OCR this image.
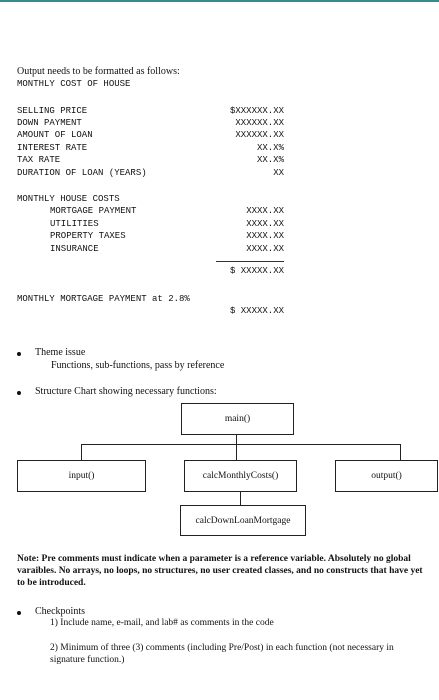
Output needs to be formatted as follows:
MONTHLY COST OF HOUSE
SELLING PRICE	$XXXXXX.XX
DOWN PAYMENT	XXXXXX.XX
AMOUNT OF LOAN	XXXXXX.XX
INTEREST RATE	XX.X%
TAX RATE	XX.X%
DURATION OF LOAN (YEARS)	XX
MONTHLY HOUSE COSTS
MORTGAGE PAYMENT	XXXX.XX
UTILITIES	XXXX.XX
PROPERTY TAXES	XXXX.XX
INSURANCE	XXXX.XX
$ XXXXX.XX
MONTHLY MORTGAGE PAYMENT at 2.8%
$ XXXXX.XX
Theme issue
Functions, sub-functions, pass by reference
Structure Chart showing necessary functions:
main()
input()	calcMonthlyCosts()	output()
calcDownLoanMortgage
Note: Pre comments must indicate when a parameter is a reference variable. Absolutely no global varaibles. No arrays, no loops, no structures, no user created classes, and no constructs that have yet to be introduced.
Checkpoints
1) Include name, e-mail, and lab# as comments in the code
2) Minimum of three (3) comments (including Pre/Post) in each function (not necessary in signature function.)
